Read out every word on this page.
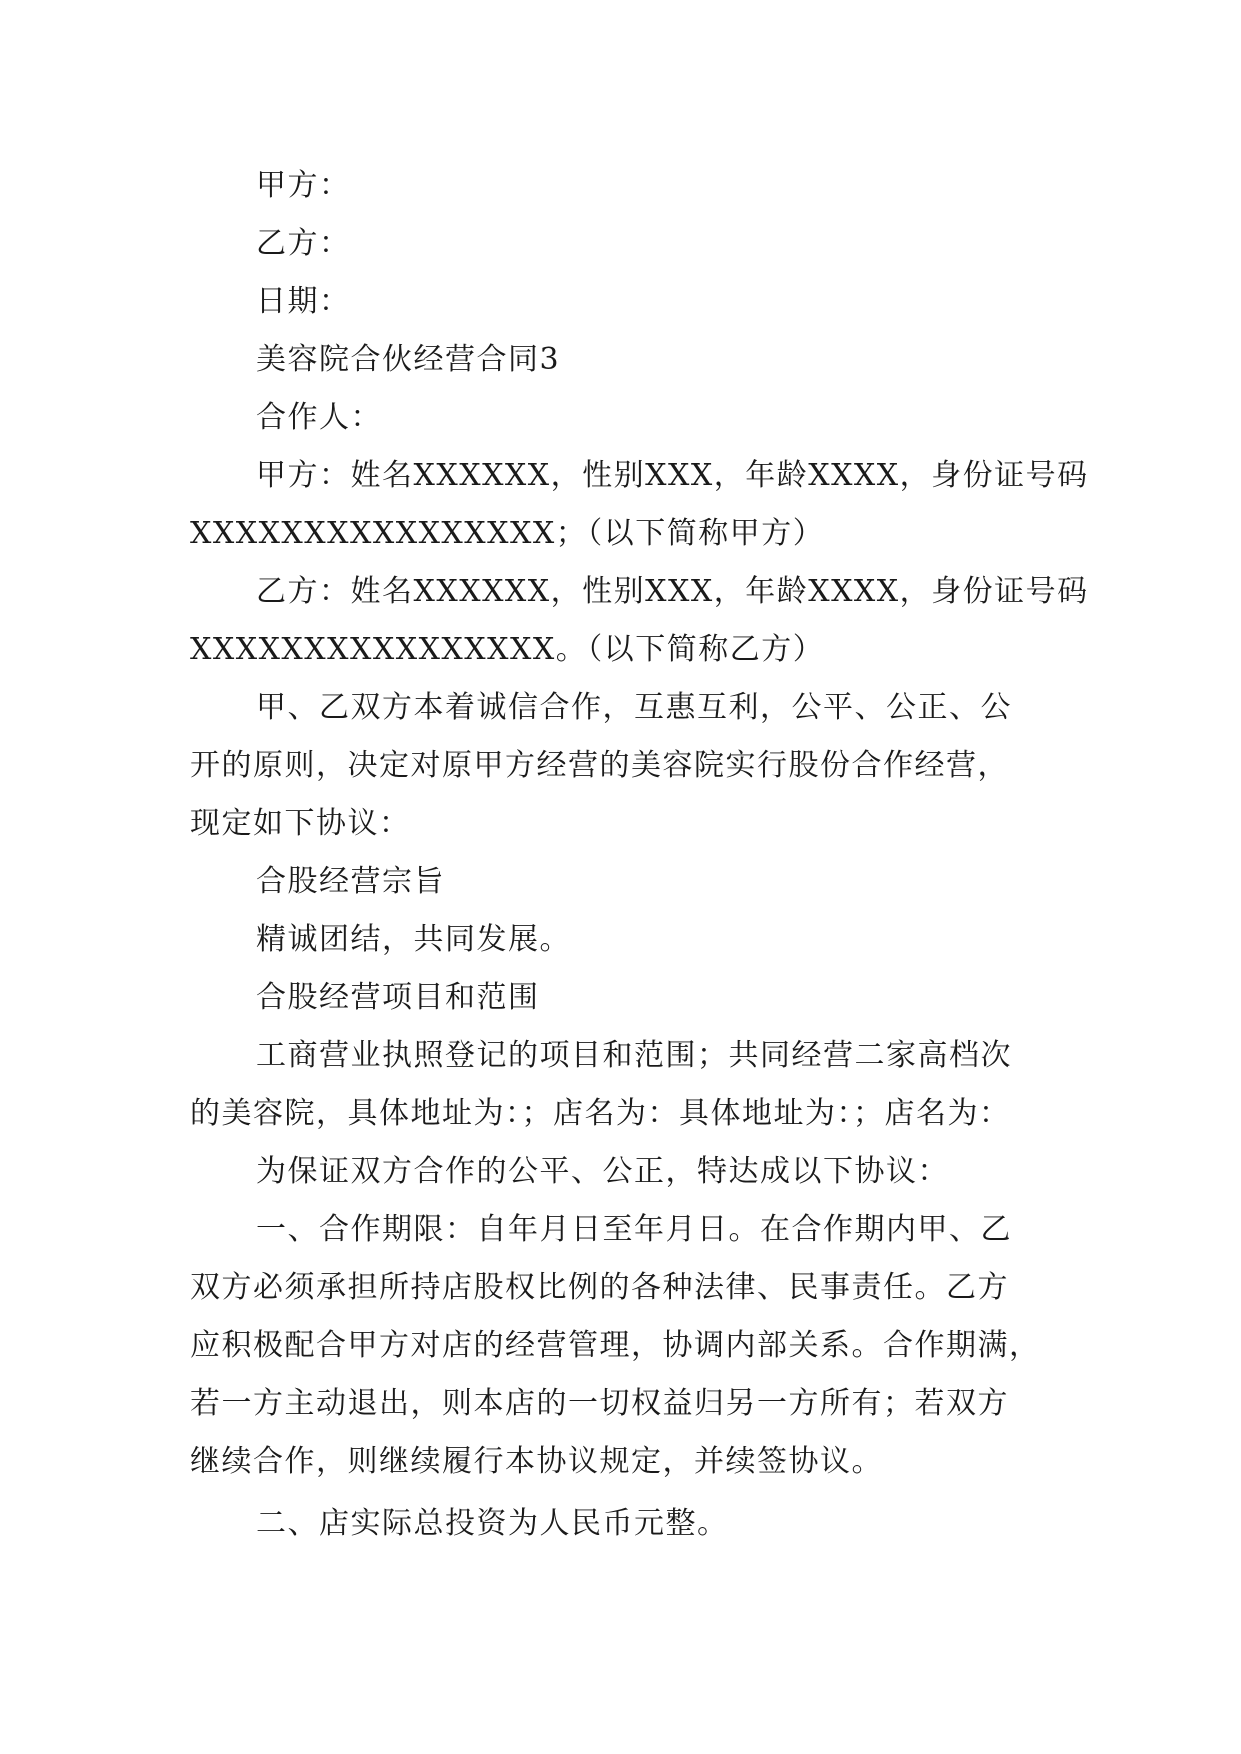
甲方：
乙方：
日期：
美容院合伙经营合同3
合作人：
甲方：姓名XXXXXX，性别XXX，年龄XXXX，身份证号码
XXXXXXXXXXXXXXXX；（以下简称甲方）
乙方：姓名XXXXXX，性别XXX，年龄XXXX，身份证号码
XXXXXXXXXXXXXXXX。（以下简称乙方）
甲、乙双方本着诚信合作，互惠互利，公平、公正、公
开的原则，决定对原甲方经营的美容院实行股份合作经营，
现定如下协议：
合股经营宗旨
精诚团结，共同发展。
合股经营项目和范围
工商营业执照登记的项目和范围；共同经营二家高档次
的美容院，具体地址为：；店名为：具体地址为：；店名为：
为保证双方合作的公平、公正，特达成以下协议：
一、合作期限：自年月日至年月日。在合作期内甲、乙
双方必须承担所持店股权比例的各种法律、民事责任。乙方
应积极配合甲方对店的经营管理，协调内部关系。合作期满，
若一方主动退出，则本店的一切权益归另一方所有；若双方
继续合作，则继续履行本协议规定，并续签协议。
二、店实际总投资为人民币元整。
